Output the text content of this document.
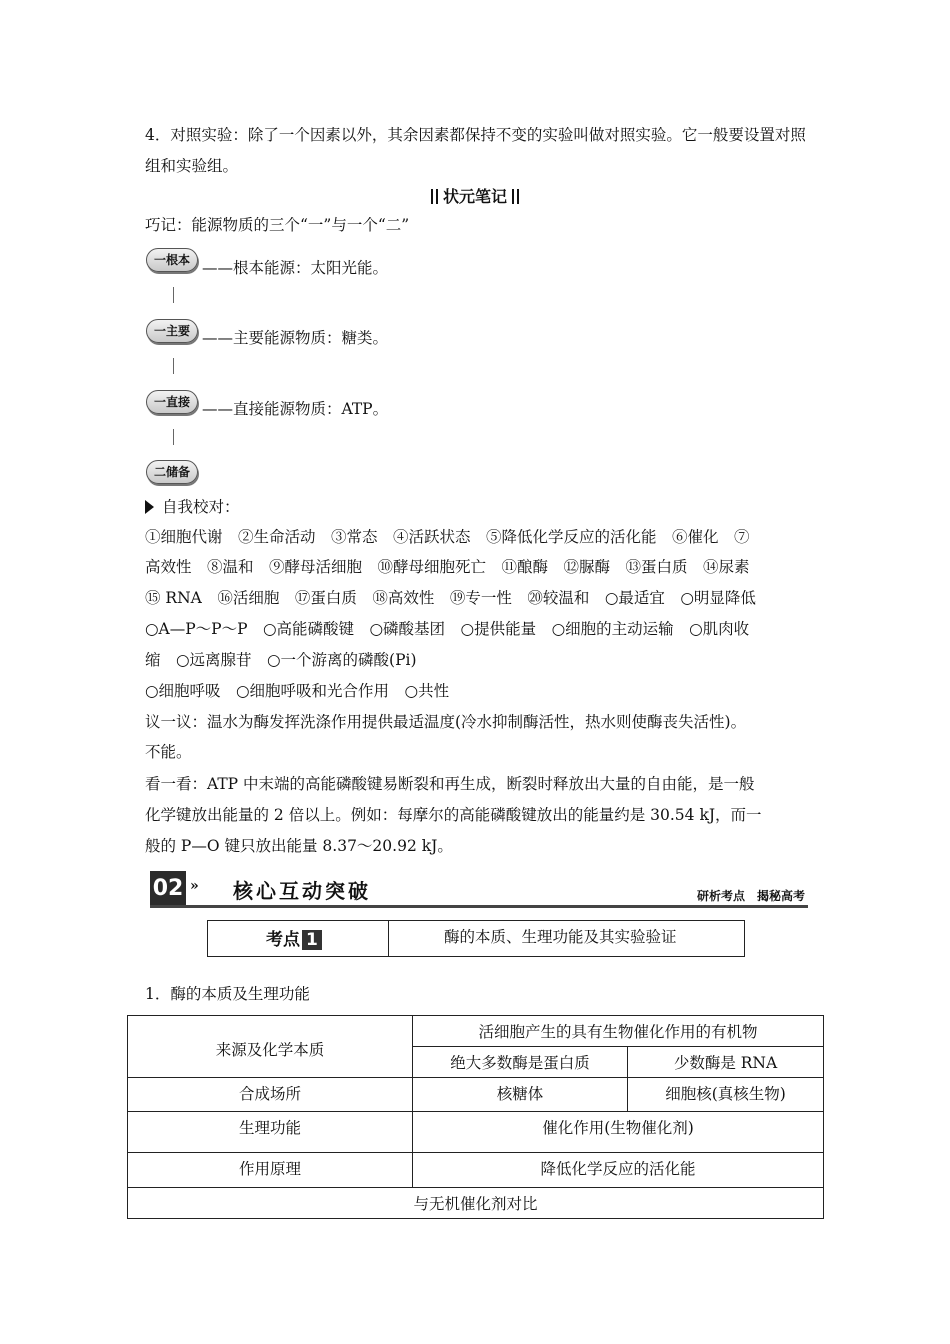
4．对照实验：除了一个因素以外，其余因素都保持不变的实验叫做对照实验。它一般要设置对照组和实验组。
状元笔记
巧记：能源物质的三个“一”与一个“二”
一根本 ——根本能源：太阳光能。
一主要 ——主要能源物质：糖类。
一直接 ——直接能源物质：ATP。
二储备
自我校对：
①细胞代谢　②生命活动　③常态　④活跃状态　⑤降低化学反应的活化能　⑥催化　⑦
高效性　⑧温和　⑨酵母活细胞　⑩酵母细胞死亡　⑪酿酶　⑫脲酶　⑬蛋白质　⑭尿素
⑮ RNA　⑯活细胞　⑰蛋白质　⑱高效性　⑲专一性　⑳较温和　○最适宜　○明显降低
○A—P～P～P　○高能磷酸键　○磷酸基团　○提供能量　○细胞的主动运输　○肌肉收
缩　○远离腺苷　○一个游离的磷酸(Pi)
○细胞呼吸　○细胞呼吸和光合作用　○共性
议一议：温水为酶发挥洗涤作用提供最适温度(冷水抑制酶活性，热水则使酶丧失活性)。
不能。
看一看：ATP 中末端的高能磷酸键易断裂和再生成，断裂时释放出大量的自由能，是一般
化学键放出能量的 2 倍以上。例如：每摩尔的高能磷酸键放出的能量约是 30.54 kJ，而一
般的 P—O 键只放出能量 8.37～20.92 kJ。
02 » 核心互动突破	研析考点　揭秘高考
考点 1	酶的本质、生理功能及其实验验证
1．酶的本质及生理功能
来源及化学本质	活细胞产生的具有生物催化作用的有机物	
	绝大多数酶是蛋白质	少数酶是 RNA
合成场所	核糖体	细胞核(真核生物)
生理功能	催化作用(生物催化剂)	
作用原理	降低化学反应的活化能	
与无机催化剂对比		
